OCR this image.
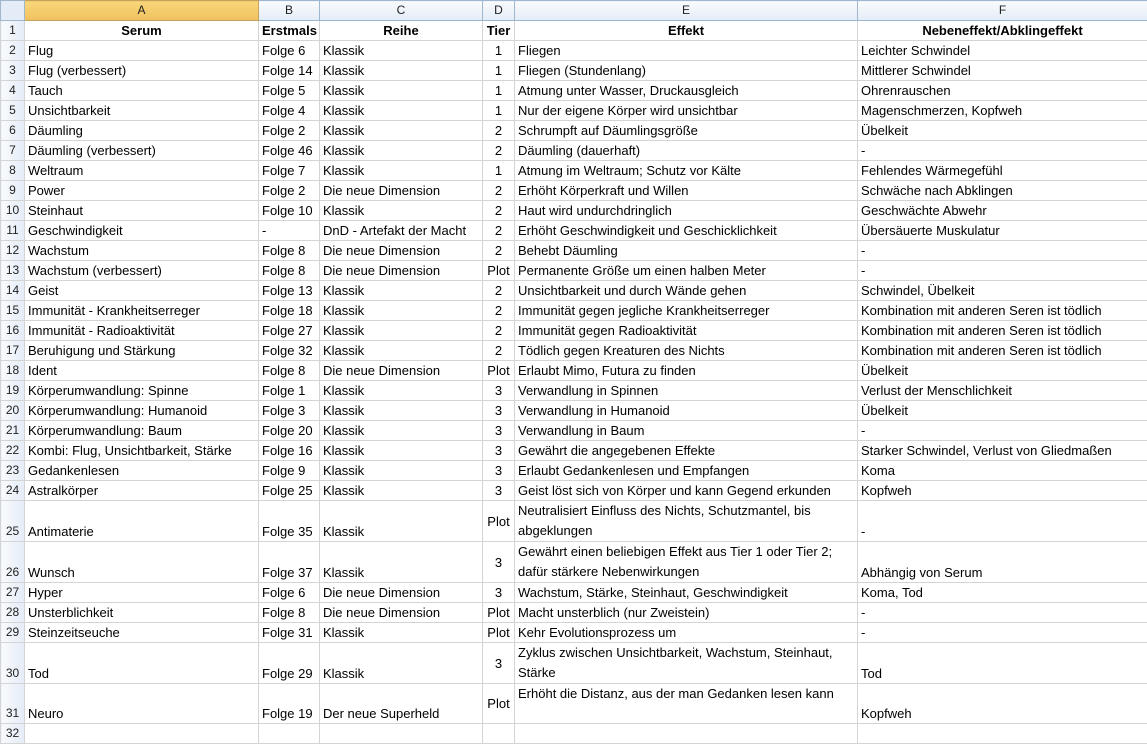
	A	B	C	D	E	F
1	Serum	Erstmals	Reihe	Tier	Effekt	Nebeneffekt/Abklingeffekt
2	Flug	Folge 6	Klassik	1	Fliegen	Leichter Schwindel
3	Flug (verbessert)	Folge 14	Klassik	1	Fliegen (Stundenlang)	Mittlerer Schwindel
4	Tauch	Folge 5	Klassik	1	Atmung unter Wasser, Druckausgleich	Ohrenrauschen
5	Unsichtbarkeit	Folge 4	Klassik	1	Nur der eigene Körper wird unsichtbar	Magenschmerzen, Kopfweh
6	Däumling	Folge 2	Klassik	2	Schrumpft auf Däumlingsgröße	Übelkeit
7	Däumling (verbessert)	Folge 46	Klassik	2	Däumling (dauerhaft)	-
8	Weltraum	Folge 7	Klassik	1	Atmung im Weltraum; Schutz vor Kälte	Fehlendes Wärmegefühl
9	Power	Folge 2	Die neue Dimension	2	Erhöht Körperkraft und Willen	Schwäche nach Abklingen
10	Steinhaut	Folge 10	Klassik	2	Haut wird undurchdringlich	Geschwächte Abwehr
11	Geschwindigkeit	-	DnD - Artefakt der Macht	2	Erhöht Geschwindigkeit und Geschicklichkeit	Übersäuerte Muskulatur
12	Wachstum	Folge 8	Die neue Dimension	2	Behebt Däumling	-
13	Wachstum (verbessert)	Folge 8	Die neue Dimension	Plot	Permanente Größe um einen halben Meter	-
14	Geist	Folge 13	Klassik	2	Unsichtbarkeit und durch Wände gehen	Schwindel, Übelkeit
15	Immunität - Krankheitserreger	Folge 18	Klassik	2	Immunität gegen jegliche Krankheitserreger	Kombination mit anderen Seren ist tödlich
16	Immunität - Radioaktivität	Folge 27	Klassik	2	Immunität gegen Radioaktivität	Kombination mit anderen Seren ist tödlich
17	Beruhigung und Stärkung	Folge 32	Klassik	2	Tödlich gegen Kreaturen des Nichts	Kombination mit anderen Seren ist tödlich
18	Ident	Folge 8	Die neue Dimension	Plot	Erlaubt Mimo, Futura zu finden	Übelkeit
19	Körperumwandlung: Spinne	Folge 1	Klassik	3	Verwandlung in Spinnen	Verlust der Menschlichkeit
20	Körperumwandlung: Humanoid	Folge 3	Klassik	3	Verwandlung in Humanoid	Übelkeit
21	Körperumwandlung: Baum	Folge 20	Klassik	3	Verwandlung in Baum	-
22	Kombi: Flug, Unsichtbarkeit, Stärke	Folge 16	Klassik	3	Gewährt die angegebenen Effekte	Starker Schwindel, Verlust von Gliedmaßen
23	Gedankenlesen	Folge 9	Klassik	3	Erlaubt Gedankenlesen und Empfangen	Koma
24	Astralkörper	Folge 25	Klassik	3	Geist löst sich von Körper und kann Gegend erkunden	Kopfweh
25	Antimaterie	Folge 35	Klassik	Plot	Neutralisiert Einfluss des Nichts, Schutzmantel, bis abgeklungen	-
26	Wunsch	Folge 37	Klassik	3	Gewährt einen beliebigen Effekt aus Tier 1 oder Tier 2; dafür stärkere Nebenwirkungen	Abhängig von Serum
27	Hyper	Folge 6	Die neue Dimension	3	Wachstum, Stärke, Steinhaut, Geschwindigkeit	Koma, Tod
28	Unsterblichkeit	Folge 8	Die neue Dimension	Plot	Macht unsterblich (nur Zweistein)	-
29	Steinzeitseuche	Folge 31	Klassik	Plot	Kehr Evolutionsprozess um	-
30	Tod	Folge 29	Klassik	3	Zyklus zwischen Unsichtbarkeit, Wachstum, Steinhaut, Stärke	Tod
31	Neuro	Folge 19	Der neue Superheld	Plot	Erhöht die Distanz, aus der man Gedanken lesen kann	Kopfweh
32						
